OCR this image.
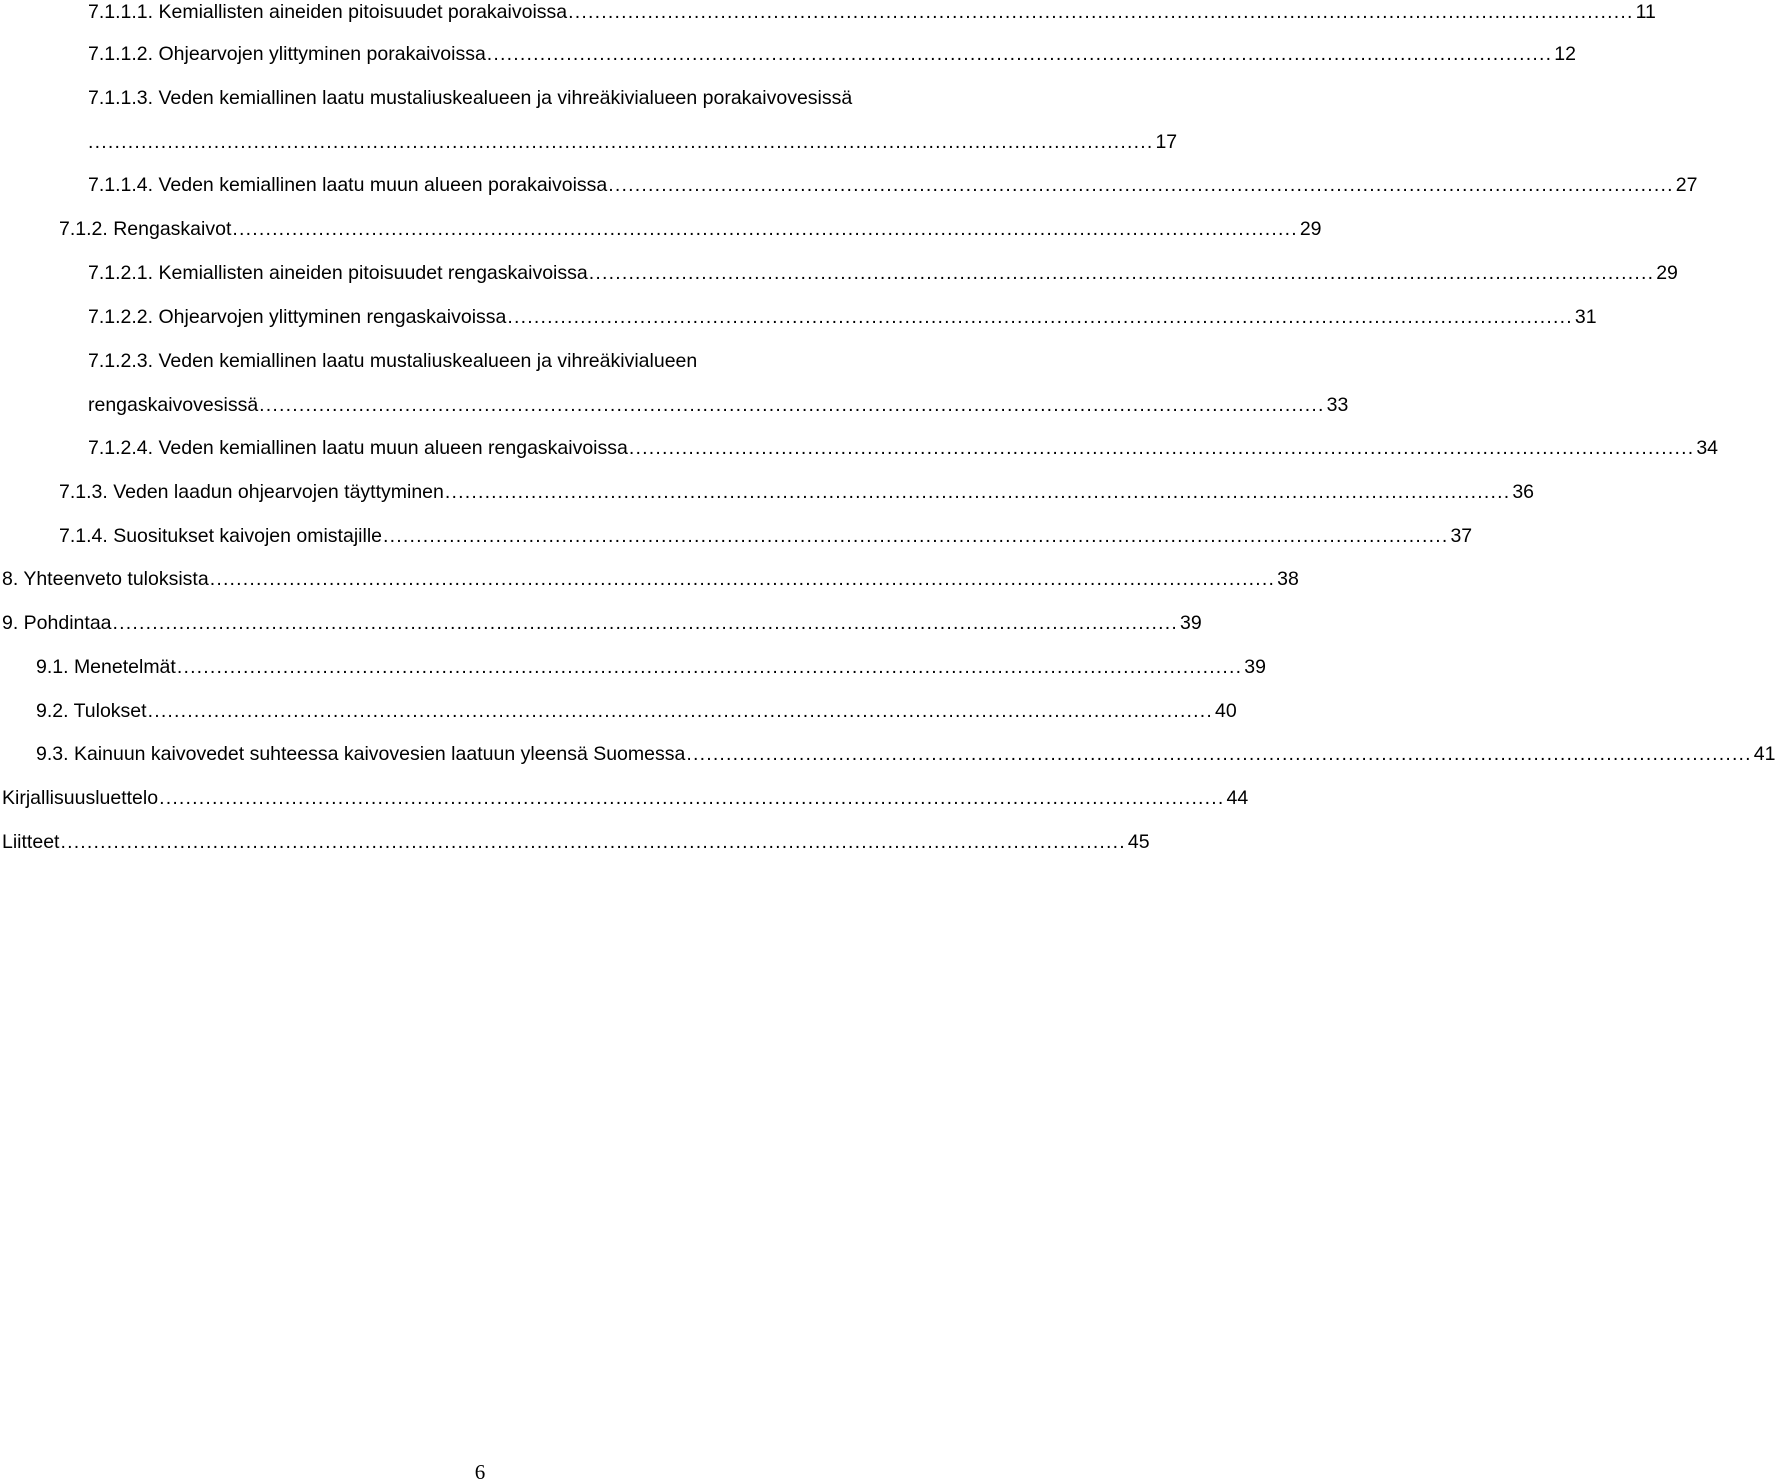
7.1.1.1. Kemiallisten aineiden pitoisuudet porakaivoissa ................................................................................................................................................................. 11
7.1.1.2. Ohjearvojen ylittyminen porakaivoissa ................................................................................................................................................................. 12
7.1.1.3. Veden kemiallinen laatu mustaliuskealueen ja vihreäkivialueen porakaivovesissä
................................................................................................................................................................. 17
7.1.1.4. Veden kemiallinen laatu muun alueen porakaivoissa ................................................................................................................................................................. 27
7.1.2. Rengaskaivot ................................................................................................................................................................. 29
7.1.2.1. Kemiallisten aineiden pitoisuudet rengaskaivoissa ................................................................................................................................................................. 29
7.1.2.2. Ohjearvojen ylittyminen rengaskaivoissa ................................................................................................................................................................. 31
7.1.2.3. Veden kemiallinen laatu mustaliuskealueen ja vihreäkivialueen
rengaskaivovesissä ................................................................................................................................................................. 33
7.1.2.4. Veden kemiallinen laatu muun alueen rengaskaivoissa ................................................................................................................................................................. 34
7.1.3. Veden laadun ohjearvojen täyttyminen ................................................................................................................................................................. 36
7.1.4. Suositukset kaivojen omistajille ................................................................................................................................................................. 37
8. Yhteenveto tuloksista ................................................................................................................................................................. 38
9. Pohdintaa ................................................................................................................................................................. 39
9.1. Menetelmät ................................................................................................................................................................. 39
9.2. Tulokset ................................................................................................................................................................. 40
9.3. Kainuun kaivovedet suhteessa kaivovesien laatuun yleensä Suomessa ................................................................................................................................................................. 41
Kirjallisuusluettelo ................................................................................................................................................................. 44
Liitteet ................................................................................................................................................................. 45
6
